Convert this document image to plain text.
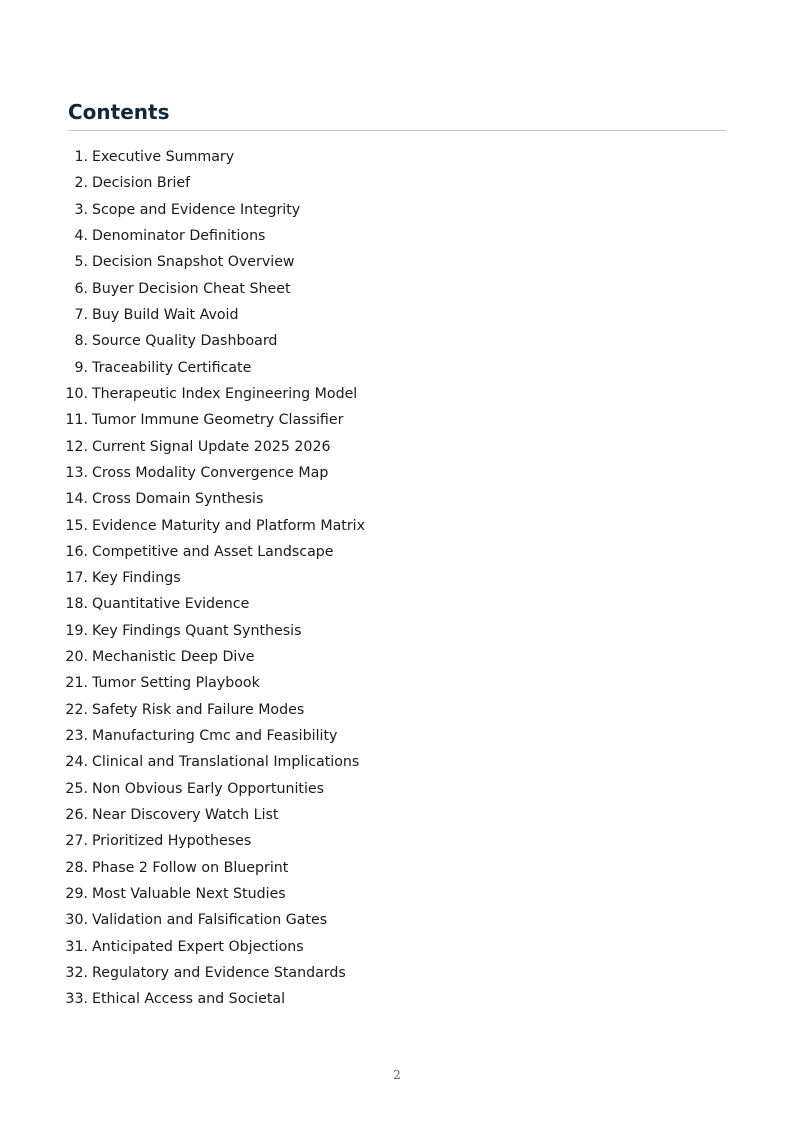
Contents
1. Executive Summary
2. Decision Brief
3. Scope and Evidence Integrity
4. Denominator Definitions
5. Decision Snapshot Overview
6. Buyer Decision Cheat Sheet
7. Buy Build Wait Avoid
8. Source Quality Dashboard
9. Traceability Certificate
10. Therapeutic Index Engineering Model
11. Tumor Immune Geometry Classifier
12. Current Signal Update 2025 2026
13. Cross Modality Convergence Map
14. Cross Domain Synthesis
15. Evidence Maturity and Platform Matrix
16. Competitive and Asset Landscape
17. Key Findings
18. Quantitative Evidence
19. Key Findings Quant Synthesis
20. Mechanistic Deep Dive
21. Tumor Setting Playbook
22. Safety Risk and Failure Modes
23. Manufacturing Cmc and Feasibility
24. Clinical and Translational Implications
25. Non Obvious Early Opportunities
26. Near Discovery Watch List
27. Prioritized Hypotheses
28. Phase 2 Follow on Blueprint
29. Most Valuable Next Studies
30. Validation and Falsification Gates
31. Anticipated Expert Objections
32. Regulatory and Evidence Standards
33. Ethical Access and Societal
2
